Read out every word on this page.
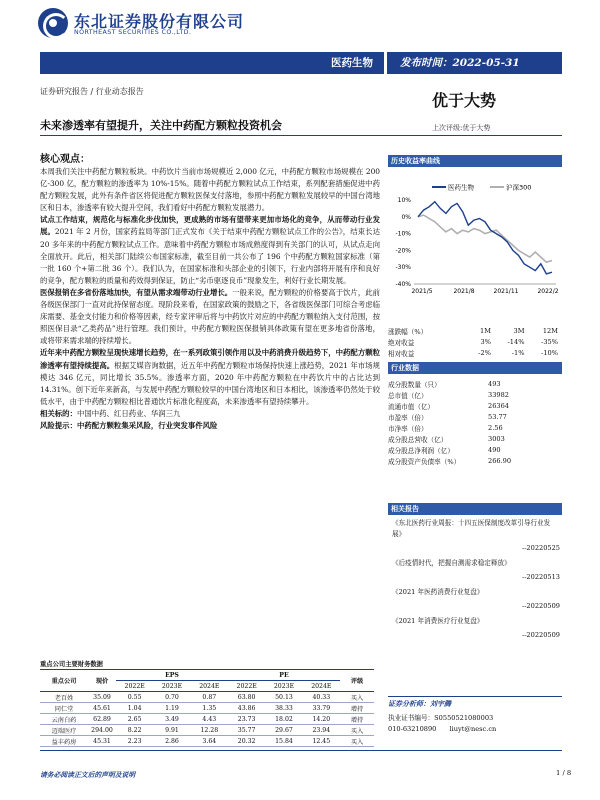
东北证券股份有限公司
NORTHEAST SECURITIES CO.,LTD.
医药生物	发布时间：2022-05-31
证券研究报告 / 行业动态报告	优于大势
未来渗透率有望提升，关注中药配方颗粒投资机会	上次评级:优于大势
核心观点：

本周我们关注中药配方颗粒板块。中药饮片当前市场规模近 2,000 亿元，中药配方颗粒市场规模在 200 亿-300 亿，配方颗粒的渗透率为 10%-15%。随着中药配方颗粒试点工作结束，系列配套措施促进中药配方颗粒发展，此外有条件省区将促进配方颗粒医保支付落地，参照中药配方颗粒发展较早的中国台湾地区和日本，渗透率有较大提升空间，我们看好中药配方颗粒发展潜力。

试点工作结束，规范化与标准化步伐加快，更成熟的市场有望带来更加市场化的竞争，从而带动行业发展。2021 年 2 月份，国家药监局等部门正式发布《关于结束中药配方颗粒试点工作的公告》，结束长达 20 多年来的中药配方颗粒试点工作。意味着中药配方颗粒市场成熟度得到有关部门的认可，从试点走向全面放开。此后，相关部门陆续公布国家标准，截至目前一共公布了 196 个中药配方颗粒国家标准（第一批 160 个+第二批 36 个）。我们认为，在国家标准和头部企业的引领下，行业内部将开展有序和良好的竞争，配方颗粒的质量和药效得到保证，防止“劣币驱逐良币”现象发生，利好行业长期发展。

医保报销在多省份落地加快，有望从需求端带动行业增长。一般来说，配方颗粒的价格要高于饮片，此前各级医保部门一直对此持保留态度。现阶段来看，在国家政策的鼓励之下，各省级医保部门可综合考虑临床需要、基金支付能力和价格等因素，经专家评审后将与中药饮片对应的中药配方颗粒纳入支付范围，按照医保目录“乙类药品”进行管理。我们预计，中药配方颗粒医保报销具体政策有望在更多地省份落地，或将带来需求端的持续增长。

近年来中药配方颗粒呈现快速增长趋势，在一系列政策引领作用以及中药消费升级趋势下，中药配方颗粒渗透率有望持续提高。根据艾媒咨询数据，近五年中药配方颗粒市场保持快速上涨趋势，2021 年市场规模达 346 亿元，同比增长 35.5%。渗透率方面，2020 年中药配方颗粒在中药饮片中的占比达到 14.31%。创下近年来新高，与发展中药配方颗粒较早的中国台湾地区和日本相比，该渗透率仍然处于较低水平，由于中药配方颗粒相比普通饮片标准化程度高，未来渗透率有望持续攀升。

相关标的：中国中药、红日药业、华润三九

风险提示：中药配方颗粒集采风险，行业突发事件风险

历史收益率曲线
医药生物	沪深300
10%
0%
-10%
-20%
-30%
-40%
2021/5	2021/8	2021/11	2022/2
涨跌幅（%）	1M	3M	12M
绝对收益	3%	-14%	-35%
相对收益	-2%	-1%	-10%
行业数据
成分股数量（只）	493
总市值（亿）	33982
流通市值（亿）	26364
市盈率（倍）	53.77
市净率（倍）	2.56
成分股总营收（亿）	3003
成分股总净利润（亿）	490
成分股资产负债率（%）	266.90
相关报告
《东北医药行业周报：十四五医保制度改革引导行业发展》
--20220525
《后疫情时代，把握自测需求稳定释放》
--20220513
《2021 年医药消费行业复盘》
--20220509
《2021 年消费医疗行业复盘》
--20220509
证券分析师：刘宇腾
执业证书编号：S0550521080003
010-63210890　　liuyt@nesc.cn
重点公司主要财务数据
重点公司	现价	EPS			PE			评级
		2022E	2023E	2024E	2022E	2023E	2024E	
老百姓	35.09	0.55	0.70	0.87	63.80	50.13	40.33	买入
同仁堂	45.61	1.04	1.19	1.35	43.86	38.33	33.79	增持
云南白药	62.89	2.65	3.49	4.43	23.73	18.02	14.20	增持
迈瑞医疗	294.00	8.22	9.91	12.28	35.77	29.67	23.94	买入
益丰药房	45.31	2.23	2.86	3.64	20.32	15.84	12.45	买入
请务必阅读正文后的声明及说明	1 / 8
